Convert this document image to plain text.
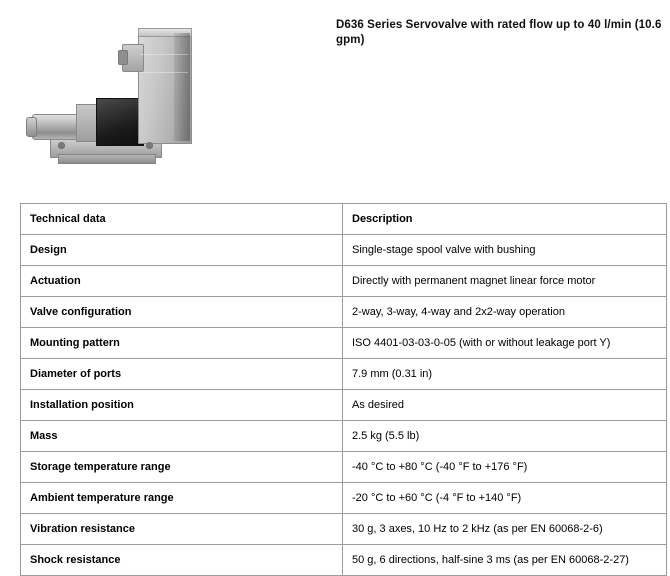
D636 Series Servovalve with rated flow up to 40 l/min (10.6 gpm)
Technical data	Description
Design	Single-stage spool valve with bushing
Actuation	Directly with permanent magnet linear force motor
Valve configuration	2-way, 3-way, 4-way and 2x2-way operation
Mounting pattern	ISO 4401-03-03-0-05 (with or without leakage port Y)
Diameter of ports	7.9 mm (0.31 in)
Installation position	As desired
Mass	2.5 kg (5.5 lb)
Storage temperature range	-40 °C to +80 °C (-40 °F to +176 °F)
Ambient temperature range	-20 °C to +60 °C (-4 °F to +140 °F)
Vibration resistance	30 g, 3 axes, 10 Hz to 2 kHz (as per EN 60068-2-6)
Shock resistance	50 g, 6 directions, half-sine 3 ms (as per EN 60068-2-27)
